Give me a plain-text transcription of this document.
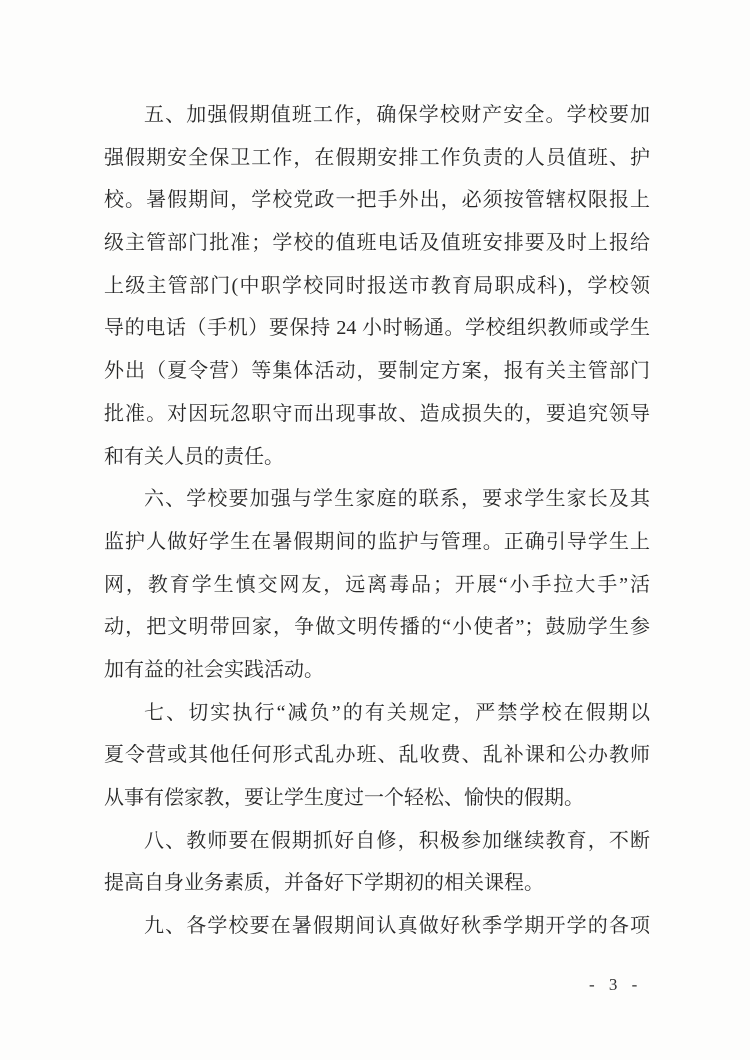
五、加强假期值班工作，确保学校财产安全。学校要加
强假期安全保卫工作，在假期安排工作负责的人员值班、护
校。暑假期间，学校党政一把手外出，必须按管辖权限报上
级主管部门批准；学校的值班电话及值班安排要及时上报给
上级主管部门(中职学校同时报送市教育局职成科)，学校领
导的电话（手机）要保持 24 小时畅通。学校组织教师或学生
外出（夏令营）等集体活动，要制定方案，报有关主管部门
批准。对因玩忽职守而出现事故、造成损失的，要追究领导
和有关人员的责任。
六、学校要加强与学生家庭的联系，要求学生家长及其
监护人做好学生在暑假期间的监护与管理。正确引导学生上
网，教育学生慎交网友，远离毒品；开展“小手拉大手”活
动，把文明带回家，争做文明传播的“小使者”；鼓励学生参
加有益的社会实践活动。
七、切实执行“减负”的有关规定，严禁学校在假期以
夏令营或其他任何形式乱办班、乱收费、乱补课和公办教师
从事有偿家教，要让学生度过一个轻松、愉快的假期。
八、教师要在假期抓好自修，积极参加继续教育，不断
提高自身业务素质，并备好下学期初的相关课程。
九、各学校要在暑假期间认真做好秋季学期开学的各项
- 3 -
